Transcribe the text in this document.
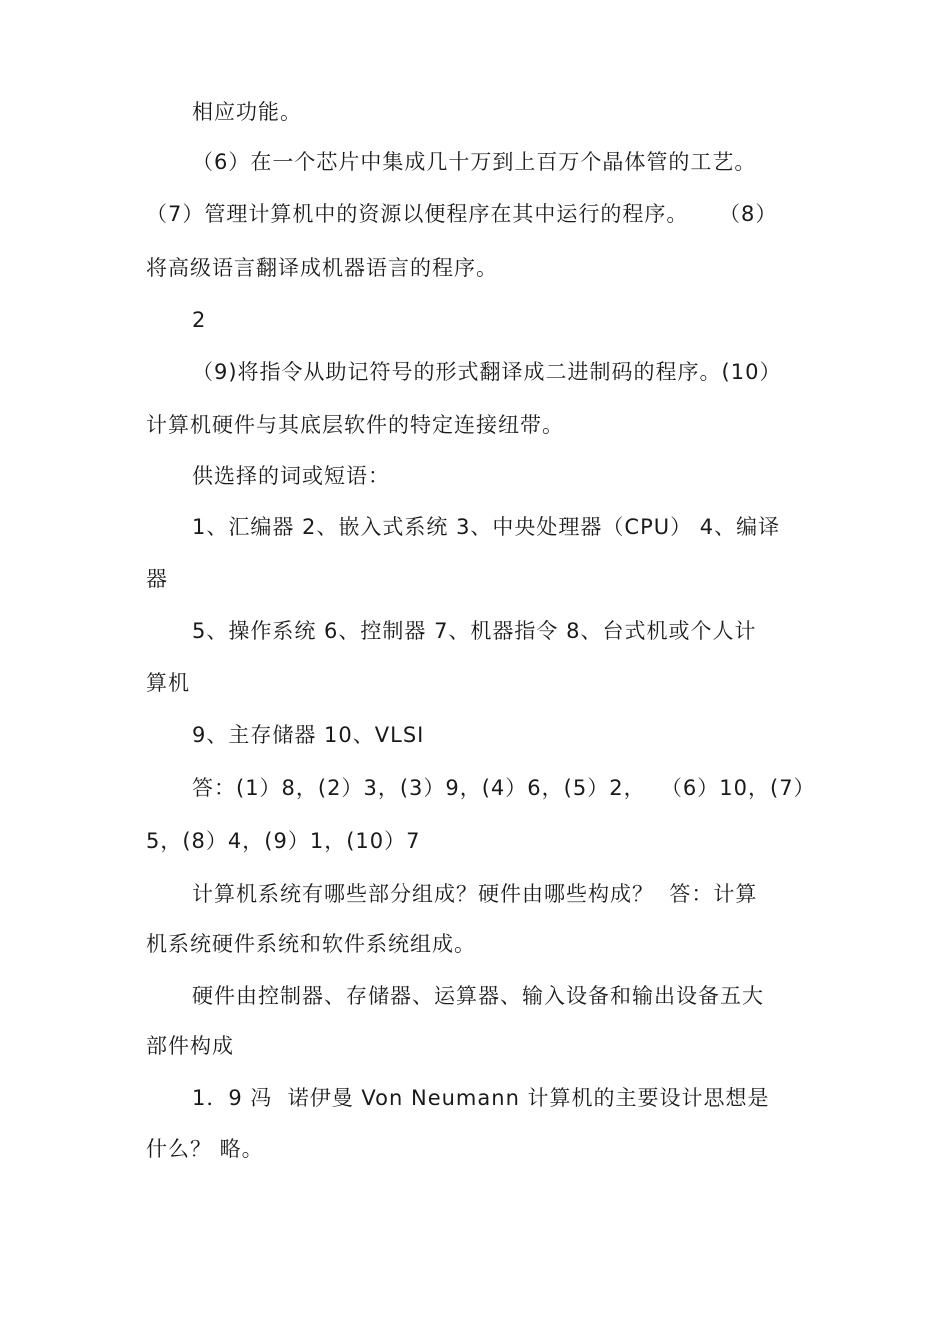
相应功能。
（6）在一个芯片中集成几十万到上百万个晶体管的工艺。
（7）管理计算机中的资源以便程序在其中运行的程序。    （8）
将高级语言翻译成机器语言的程序。
2
（9)将指令从助记符号的形式翻译成二进制码的程序。(10）
计算机硬件与其底层软件的特定连接纽带。
供选择的词或短语：
1、汇编器 2、嵌入式系统 3、中央处理器（CPU） 4、编译
器
5、操作系统 6、控制器 7、机器指令 8、台式机或个人计
算机
9、主存储器 10、VLSI
答：(1）8，(2）3，(3）9，(4）6，(5）2，  （6）10，(7）
5，(8）4，(9）1，(10）7
计算机系统有哪些部分组成？硬件由哪些构成？  答：计算
机系统硬件系统和软件系统组成。
硬件由控制器、存储器、运算器、输入设备和输出设备五大
部件构成
1．9 冯  诺伊曼 Von Neumann 计算机的主要设计思想是
什么？ 略。
